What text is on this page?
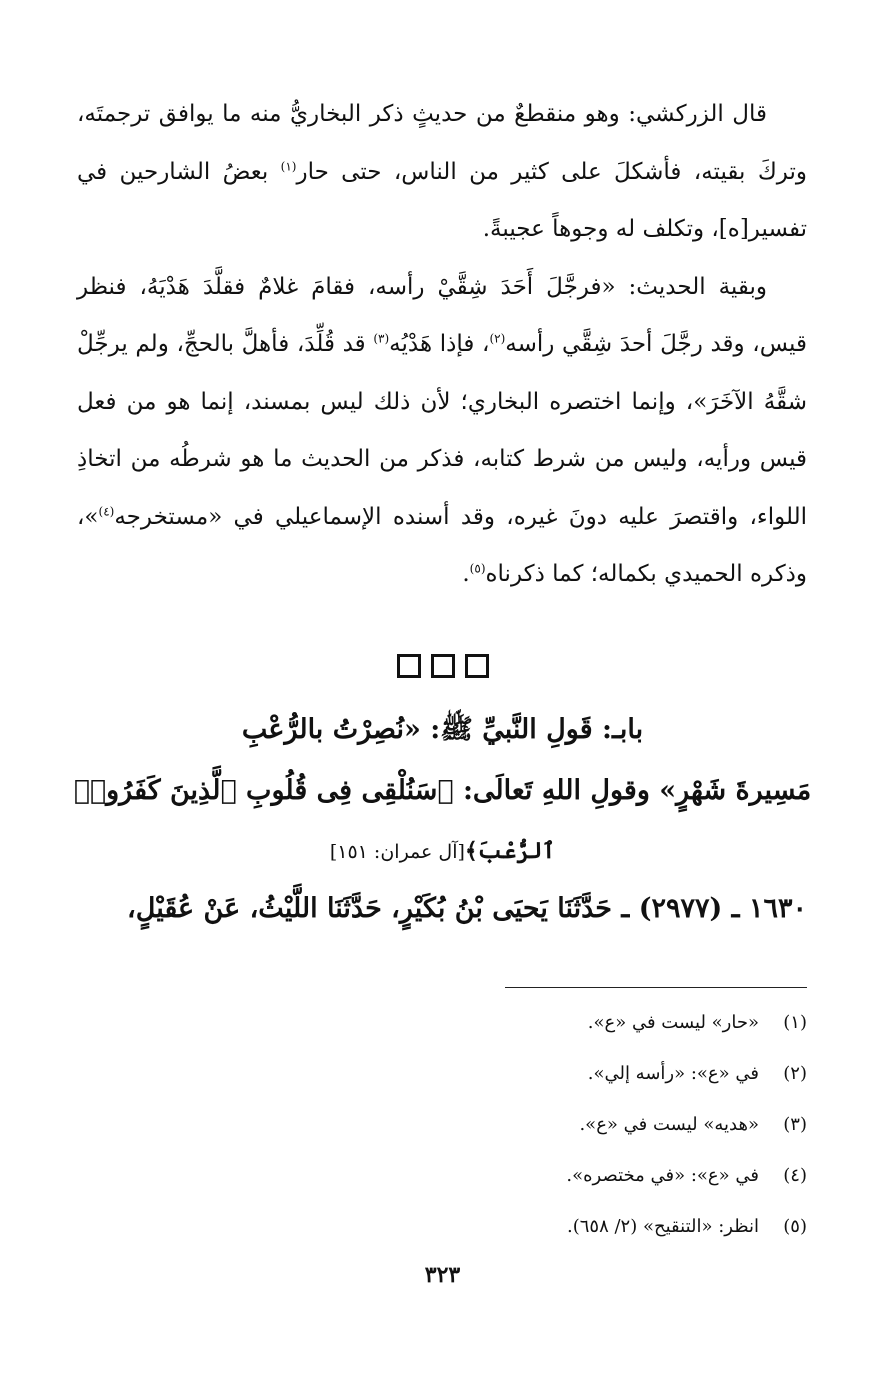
قال الزركشي: وهو منقطعٌ من حديثٍ ذكر البخاريُّ منه ما يوافق ترجمتَه، وتركَ بقيته، فأشكلَ على كثير من الناس، حتى حار$^{(١)}$ بعضُ الشارحين في تفسير[ه]، وتكلف له وجوهاً عجيبةً.

وبقية الحديث: «فرجَّلَ أَحَدَ شِقَّيْ رأسه، فقامَ غلامٌ فقلَّدَ هَدْيَهُ، فنظر قيس، وقد رجَّلَ أحدَ شِقَّي رأسه$^{(٢)}$، فإذا هَدْيُه$^{(٣)}$ قد قُلِّدَ، فأهلَّ بالحجِّ، ولم يرجِّلْ شقَّهُ الآخَرَ»، وإنما اختصره البخاري؛ لأن ذلك ليس بمسند، إنما هو من فعل قيس ورأيه، وليس من شرط كتابه، فذكر من الحديث ما هو شرطُه من اتخاذِ اللواء، واقتصرَ عليه دونَ غيره، وقد أسنده الإسماعيلي في «مستخرجه$^{(٤)}$»، وذكره الحميدي بكماله؛ كما ذكرناه$^{(٥)}$.

بابـ: قَولِ النَّبيِّ ﷺ: «نُصِرْتُ بالرُّعْبِ
مَسِيرةَ شَهْرٍ» وقولِ اللهِ تَعالَى: ﴿سَنُلْقِى فِى قُلُوبِ ٱلَّذِينَ كَفَرُوا۟
ٱلرُّعْبَ﴾[آل عمران: ١٥١]
١٦٣٠ ـ (٢٩٧٧) ـ حَدَّثَنَا يَحيَى بْنُ بُكَيْرٍ، حَدَّثَنَا اللَّيْثُ، عَنْ عُقَيْلٍ،
(١)
«حار» ليست في «ع».
(٢)
في «ع»: «رأسه إلي».
(٣)
«هديه» ليست في «ع».
(٤)
في «ع»: «في مختصره».
(٥)
انظر: «التنقيح» (٢/ ٦٥٨).
٣٢٣
